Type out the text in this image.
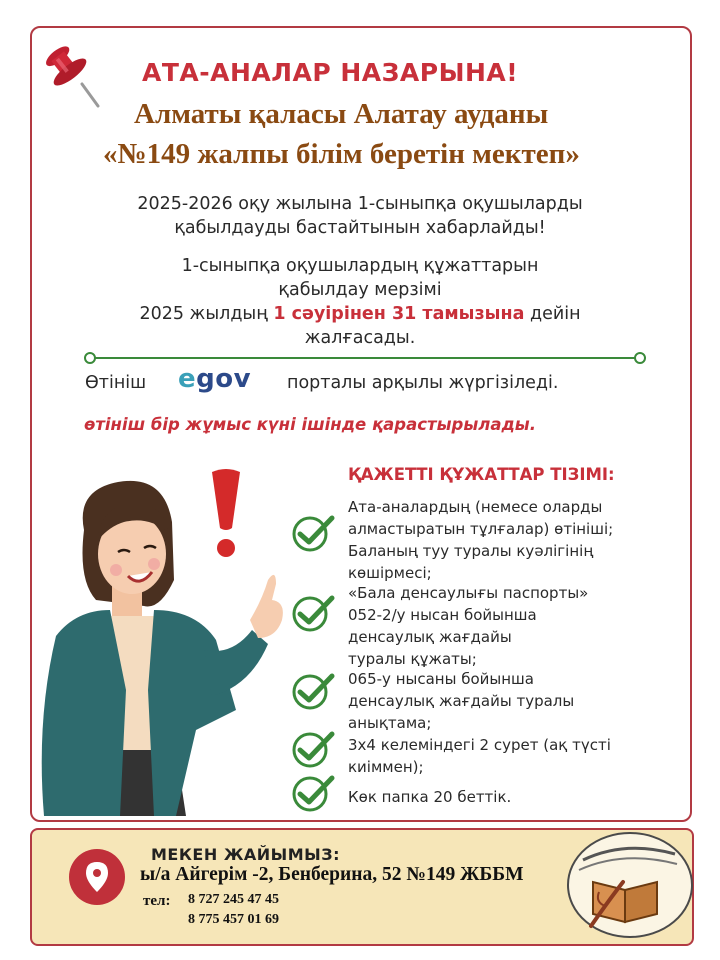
АТА-АНАЛАР НАЗАРЫНА!
Алматы қаласы Алатау ауданы
«№149 жалпы білім беретін мектеп»
2025-2026 оқу жылына 1-сыныпқа оқушыларды
қабылдауды бастайтынын хабарлайды!
1-сыныпқа оқушылардың құжаттарын
қабылдау мерзімі
2025 жылдың 1 сәуірінен 31 тамызына дейін
жалғасады.
Өтініш egov порталы арқылы жүргізіледі.
өтініш бір жұмыс күні ішінде қарастырылады.
ҚАЖЕТТІ ҚҰЖАТТАР ТІЗІМІ:
Ата-аналардың (немесе оларды
алмастыратын тұлғалар) өтініші;
Баланың туу туралы куәлігінің
көшірмесі;
«Бала денсаулығы паспорты»
052-2/у нысан бойынша
денсаулық жағдайы
туралы құжаты;
065-у нысаны бойынша
денсаулық жағдайы туралы
анықтама;
3х4 келеміндегі 2 сурет (ақ түсті
киіммен);
Көк папка 20 беттік.
МЕКЕН ЖАЙЫМЫЗ:
ы/а Айгерім -2, Бенберина, 52 №149 ЖББМ
тел: 8 727 245 47 45
8 775 457 01 69
